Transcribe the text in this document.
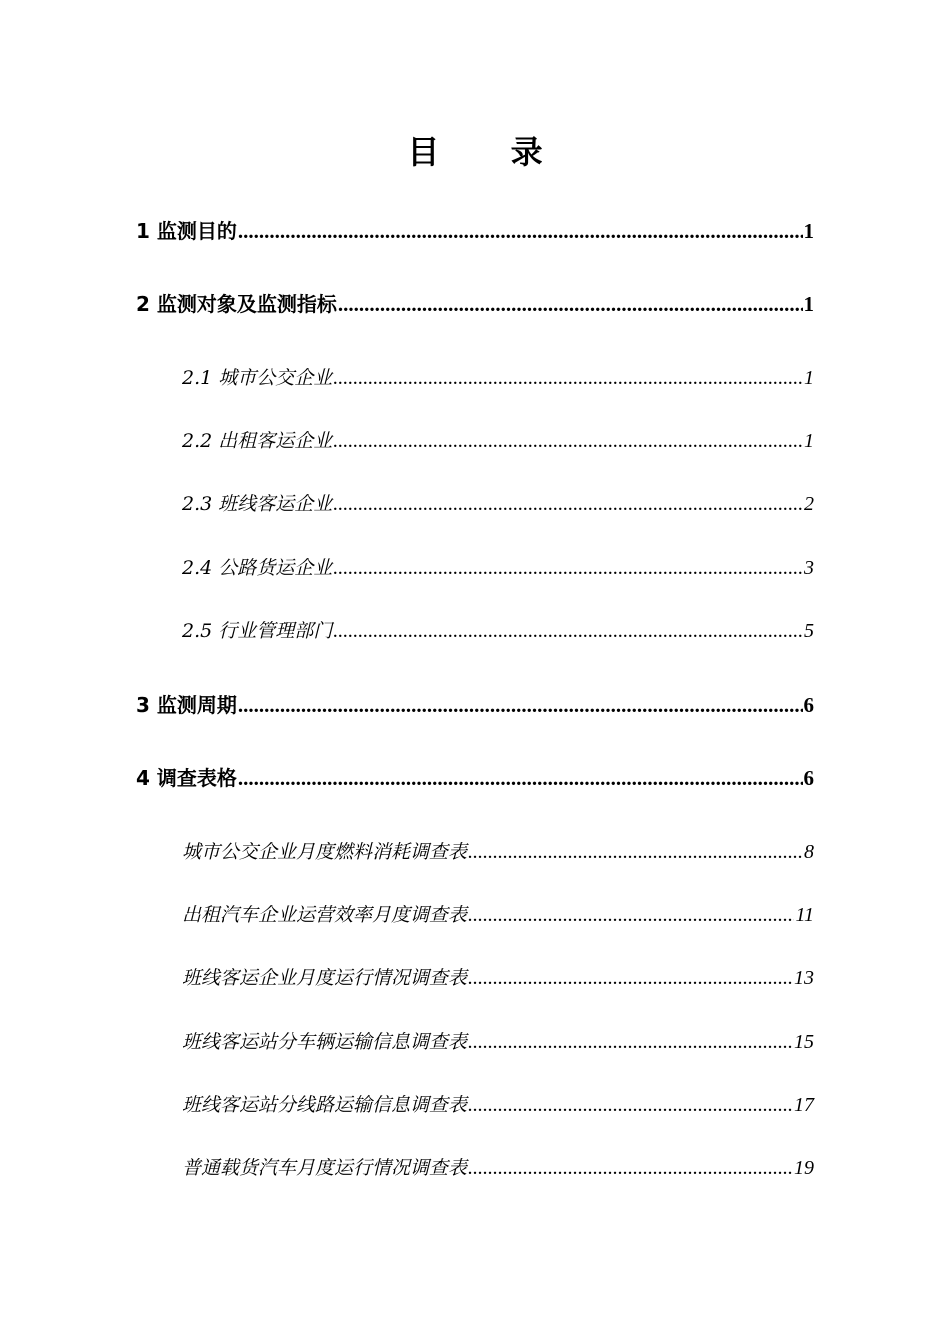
目 录
1 监测目的 .....	1
2 监测对象及监测指标 .....	1
2.1 城市公交企业 .....	1
2.2 出租客运企业 .....	1
2.3 班线客运企业 .....	2
2.4 公路货运企业 .....	3
2.5 行业管理部门 .....	5
3 监测周期 .....	6
4 调查表格 .....	6
城市公交企业月度燃料消耗调查表 .....	8
出租汽车企业运营效率月度调查表 .....	11
班线客运企业月度运行情况调查表 .....	13
班线客运站分车辆运输信息调查表 .....	15
班线客运站分线路运输信息调查表 .....	17
普通载货汽车月度运行情况调查表 .....	19
